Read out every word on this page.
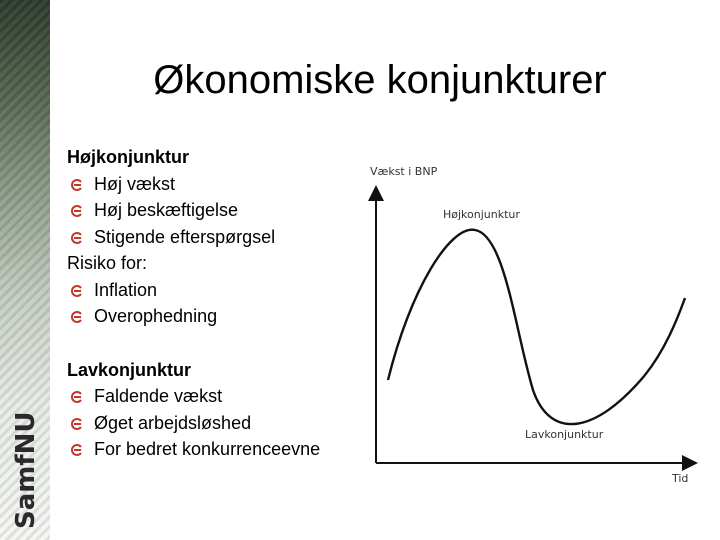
SamfNU
Økonomiske konjunkturer
Højkonjunktur
Høj vækst
Høj beskæftigelse
Stigende efterspørgsel
Risiko for:
Inflation
Overophedning
Lavkonjunktur
Faldende vækst
Øget arbejdsløshed
For bedret konkurrenceevne
Vækst i BNP
Tid
Højkonjunktur
Lavkonjunktur
